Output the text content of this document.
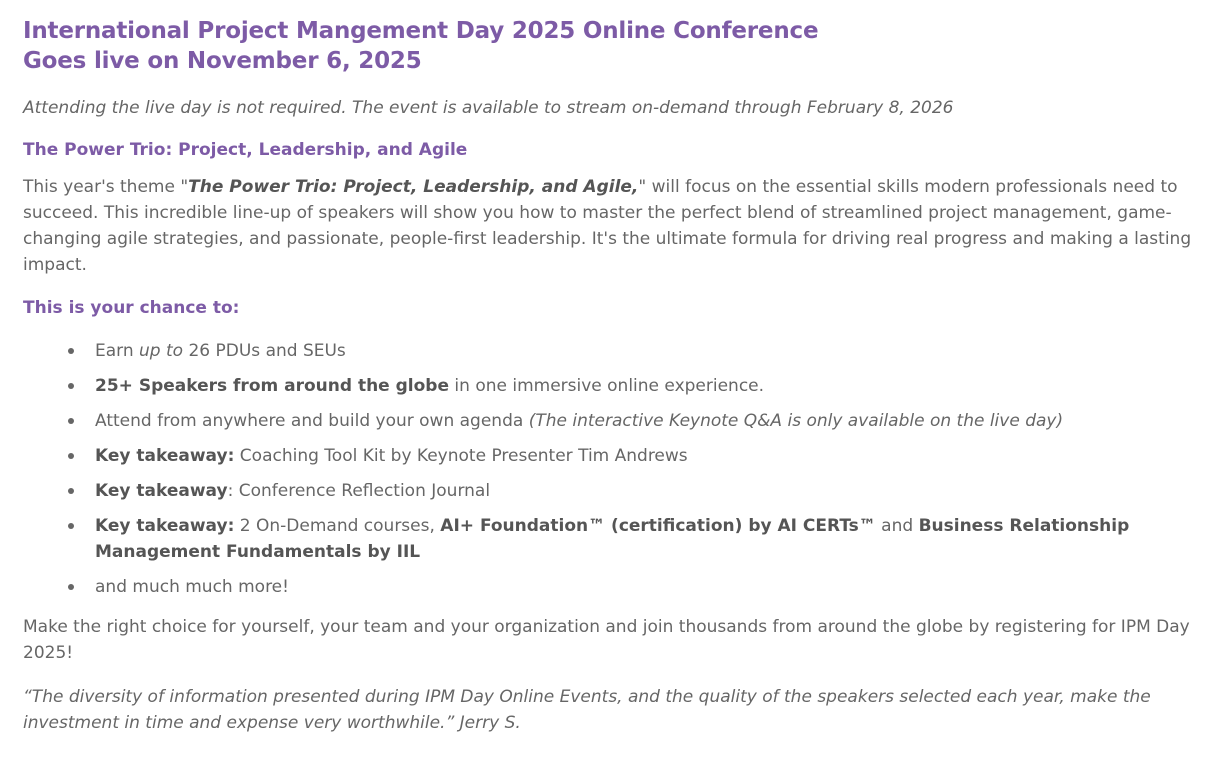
International Project Mangement Day 2025 Online Conference
Goes live on November 6, 2025

Attending the live day is not required. The event is available to stream on-demand through February 8, 2026

The Power Trio: Project, Leadership, and Agile

This year's theme "The Power Trio: Project, Leadership, and Agile," will focus on the essential skills modern professionals need to succeed. This incredible line-up of speakers will show you how to master the perfect blend of streamlined project management, game-changing agile strategies, and passionate, people-first leadership. It's the ultimate formula for driving real progress and making a lasting impact.

This is your chance to:
Earn up to 26 PDUs and SEUs
25+ Speakers from around the globe in one immersive online experience.
Attend from anywhere and build your own agenda (The interactive Keynote Q&A is only available on the live day)
Key takeaway: Coaching Tool Kit by Keynote Presenter Tim Andrews
Key takeaway: Conference Reflection Journal
Key takeaway: 2 On-Demand courses, AI+ Foundation™ (certification) by AI CERTs™ and Business Relationship Management Fundamentals by IIL
and much much more!

Make the right choice for yourself, your team and your organization and join thousands from around the globe by registering for IPM Day 2025!

“The diversity of information presented during IPM Day Online Events, and the quality of the speakers selected each year, make the investment in time and expense very worthwhile.” Jerry S.
